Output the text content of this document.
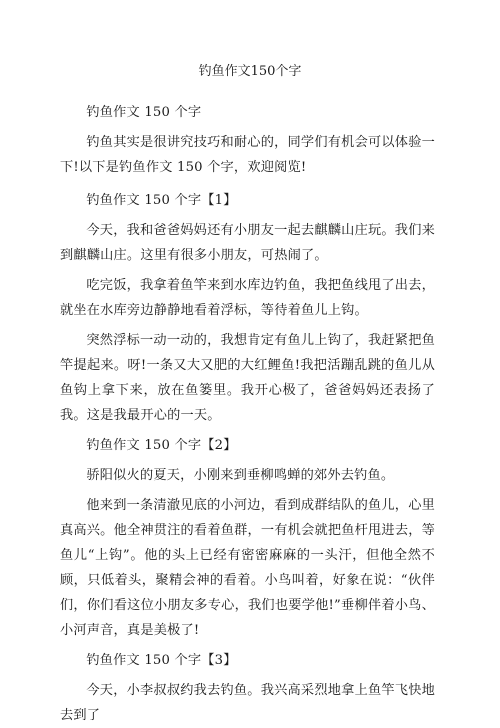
钓鱼作文150个字

钓鱼作文 150 个字

钓鱼其实是很讲究技巧和耐心的，同学们有机会可以体验一下!以下是钓鱼作文 150 个字，欢迎阅览!

钓鱼作文 150 个字【1】

今天，我和爸爸妈妈还有小朋友一起去麒麟山庄玩。我们来到麒麟山庄。这里有很多小朋友，可热闹了。

吃完饭，我拿着鱼竿来到水库边钓鱼，我把鱼线甩了出去，就坐在水库旁边静静地看着浮标，等待着鱼儿上钩。

突然浮标一动一动的，我想肯定有鱼儿上钩了，我赶紧把鱼竿提起来。呀!一条又大又肥的大红鲤鱼!我把活蹦乱跳的鱼儿从鱼钩上拿下来，放在鱼篓里。我开心极了，爸爸妈妈还表扬了我。这是我最开心的一天。

钓鱼作文 150 个字【2】

骄阳似火的夏天，小刚来到垂柳鸣蝉的郊外去钓鱼。

他来到一条清澈见底的小河边，看到成群结队的鱼儿，心里真高兴。他全神贯注的看着鱼群，一有机会就把鱼杆甩进去，等鱼儿“上钩”。他的头上已经有密密麻麻的一头汗，但他全然不顾，只低着头，聚精会神的看着。小鸟叫着，好象在说：“伙伴们，你们看这位小朋友多专心，我们也要学他!”垂柳伴着小鸟、小河声音，真是美极了!

钓鱼作文 150 个字【3】

今天，小李叔叔约我去钓鱼。我兴高采烈地拿上鱼竿飞快地去到了
